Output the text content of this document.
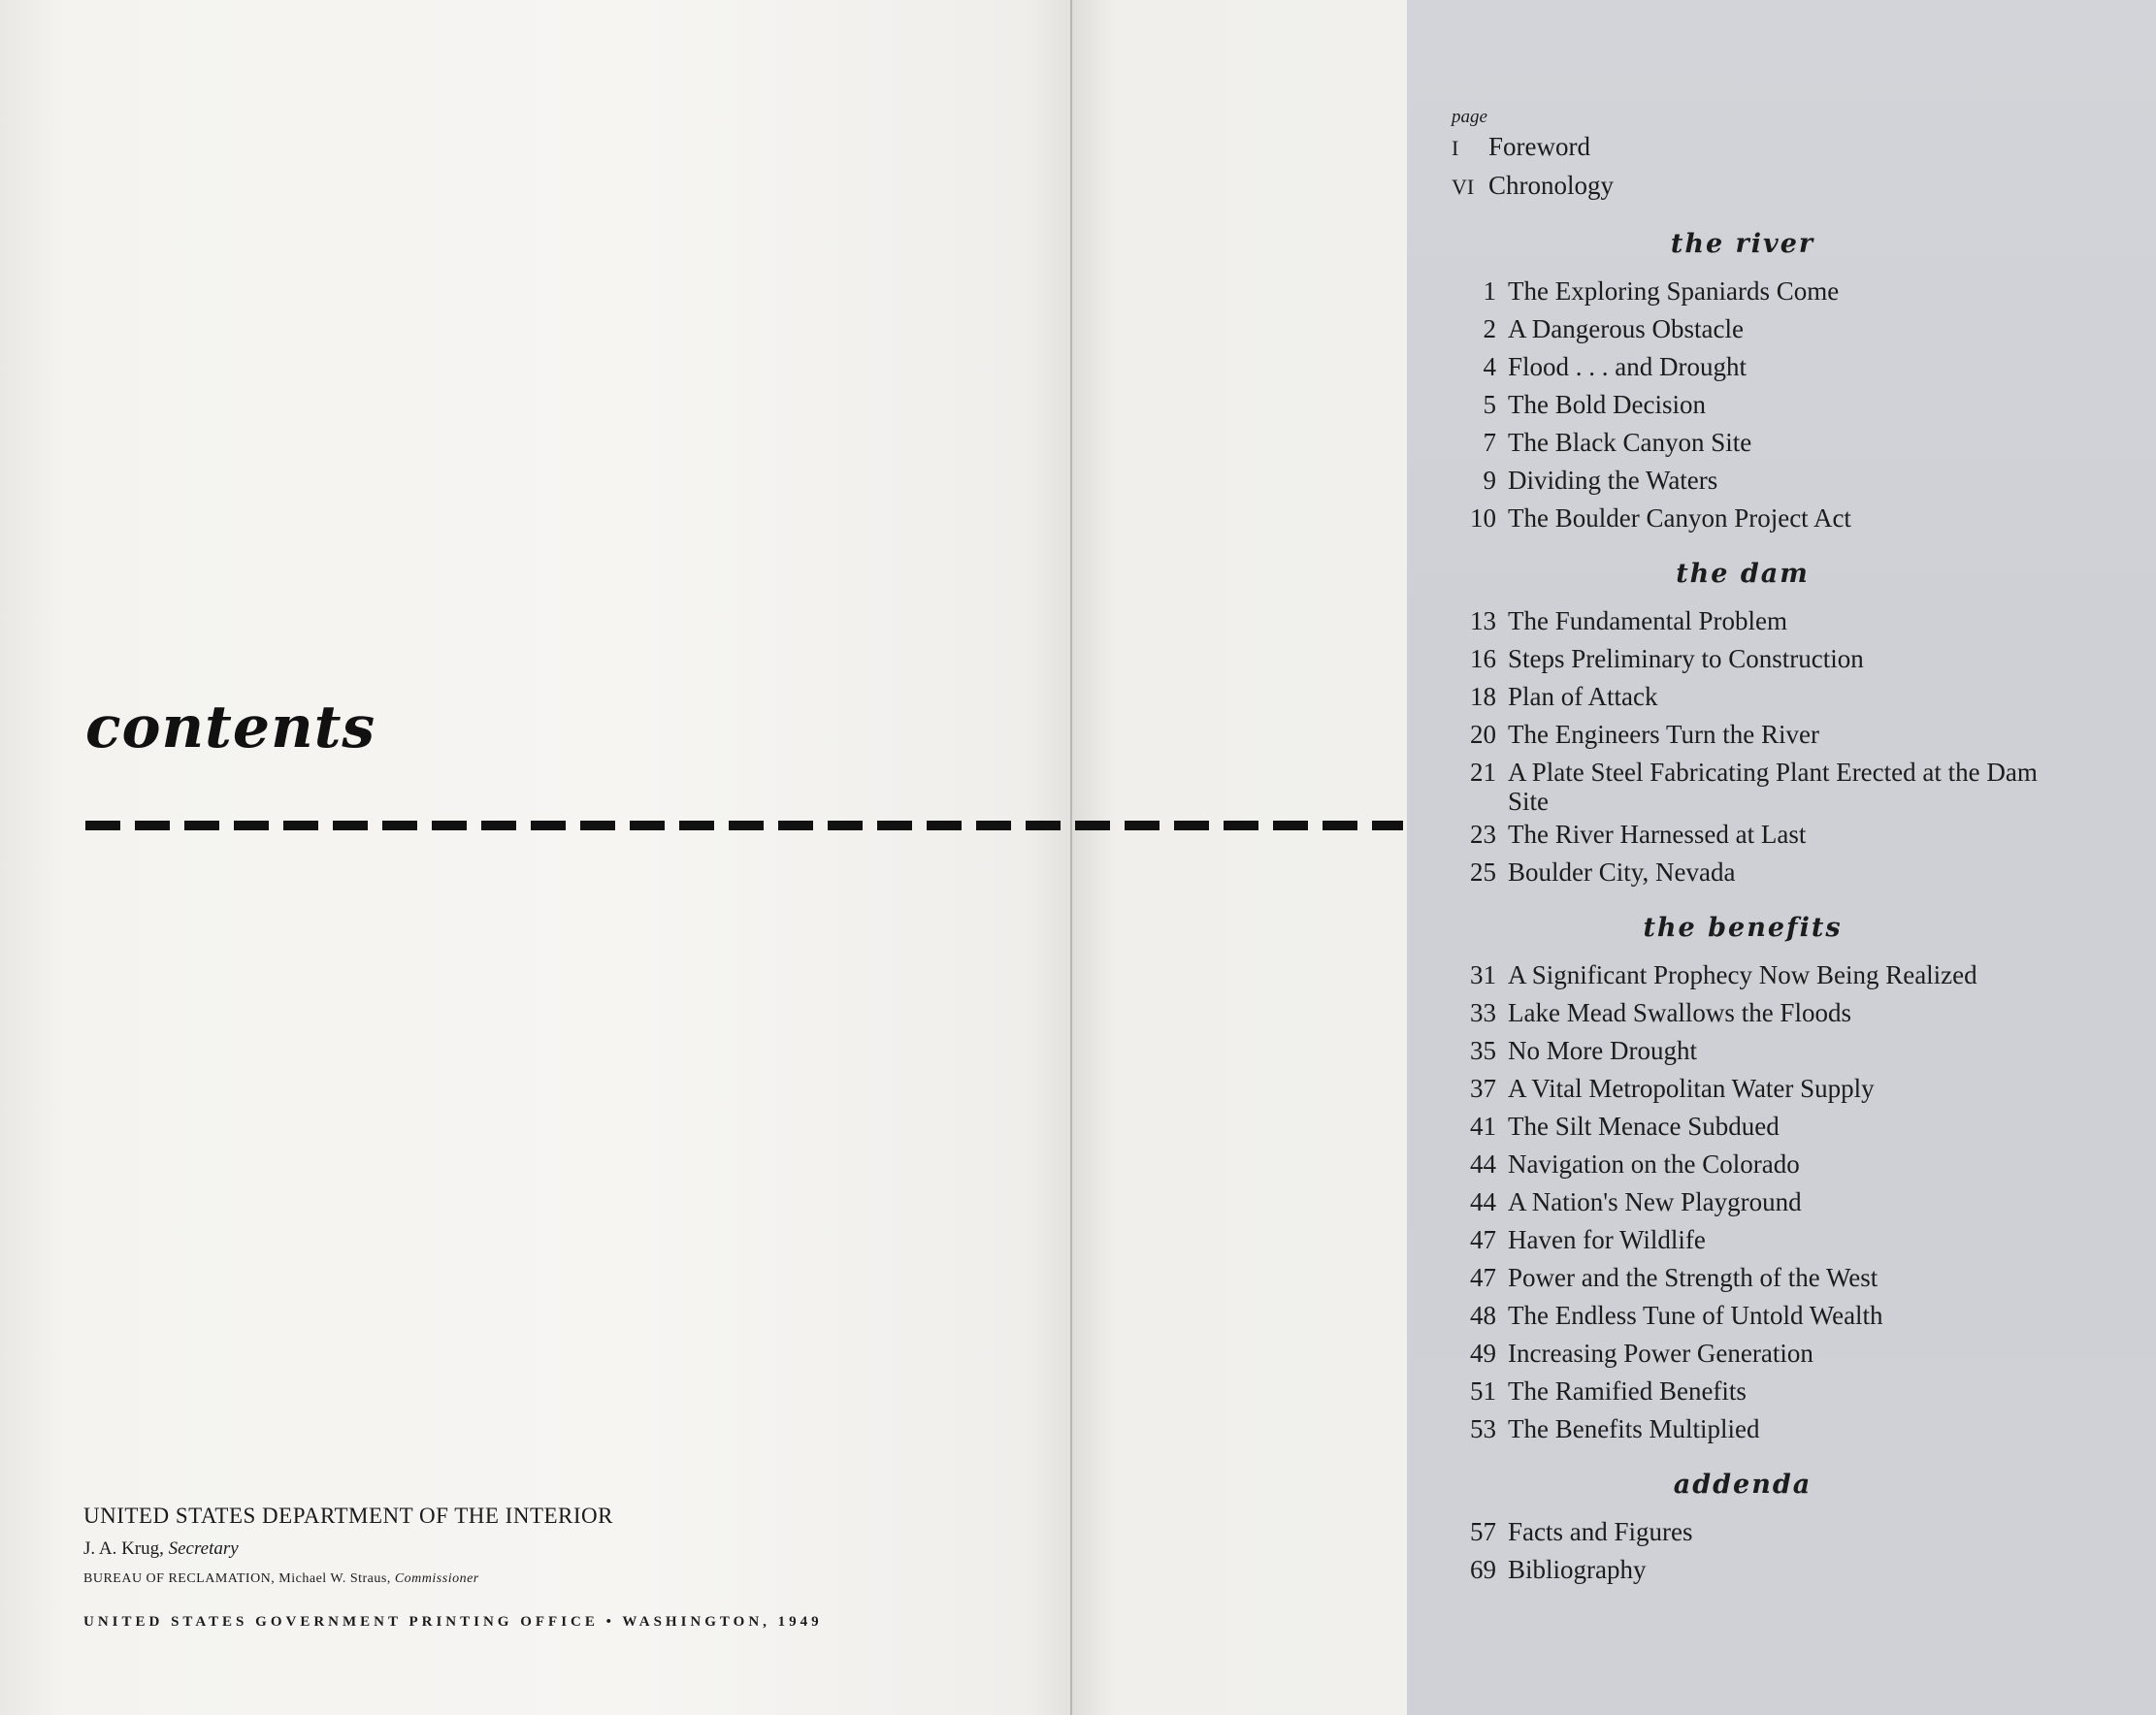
contents
UNITED STATES DEPARTMENT OF THE INTERIOR
J. A. Krug, Secretary
BUREAU OF RECLAMATION, Michael W. Straus, Commissioner
UNITED STATES GOVERNMENT PRINTING OFFICE • WASHINGTON, 1949
page
I Foreword
VI Chronology
the river
1 The Exploring Spaniards Come
2 A Dangerous Obstacle
4 Flood . . . and Drought
5 The Bold Decision
7 The Black Canyon Site
9 Dividing the Waters
10 The Boulder Canyon Project Act
the dam
13 The Fundamental Problem
16 Steps Preliminary to Construction
18 Plan of Attack
20 The Engineers Turn the River
21 A Plate Steel Fabricating Plant Erected at the Dam Site
23 The River Harnessed at Last
25 Boulder City, Nevada
the benefits
31 A Significant Prophecy Now Being Realized
33 Lake Mead Swallows the Floods
35 No More Drought
37 A Vital Metropolitan Water Supply
41 The Silt Menace Subdued
44 Navigation on the Colorado
44 A Nation's New Playground
47 Haven for Wildlife
47 Power and the Strength of the West
48 The Endless Tune of Untold Wealth
49 Increasing Power Generation
51 The Ramified Benefits
53 The Benefits Multiplied
addenda
57 Facts and Figures
69 Bibliography
